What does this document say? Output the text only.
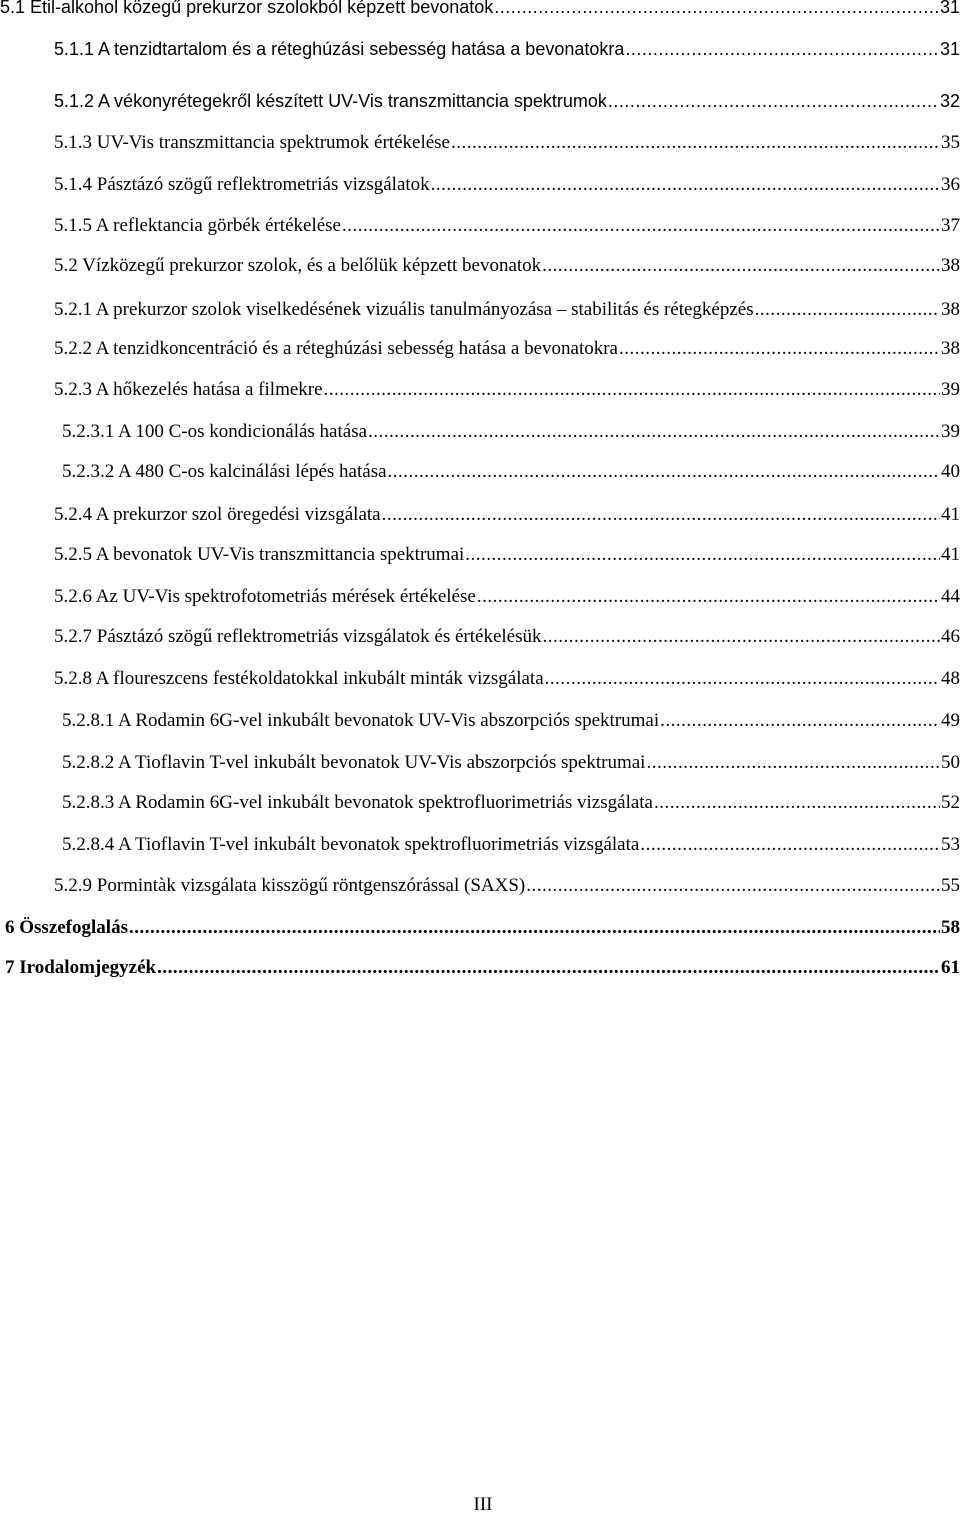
5.1 Etil-alkohol közegű prekurzor szolokból képzett bevonatok .....	31
5.1.1 A tenzidtartalom és a réteghúzási sebesség hatása a bevonatokra .....	31
5.1.2 A vékonyrétegekről készített UV-Vis transzmittancia spektrumok .....	32
5.1.3 UV-Vis transzmittancia spektrumok értékelése .....	35
5.1.4 Pásztázó szögű reflektrometriás vizsgálatok .....	36
5.1.5 A reflektancia görbék értékelése .....	37
5.2 Vízközegű prekurzor szolok, és a belőlük képzett bevonatok .....	38
5.2.1 A prekurzor szolok viselkedésének vizuális tanulmányozása – stabilitás és rétegképzés .....	38
5.2.2 A tenzidkoncentráció és a réteghúzási sebesség hatása a bevonatokra .....	38
5.2.3 A hőkezelés hatása a filmekre .....	39
5.2.3.1 A 100 C-os kondicionálás hatása .....	39
5.2.3.2 A 480 C-os kalcinálási lépés hatása .....	40
5.2.4 A prekurzor szol öregedési vizsgálata .....	41
5.2.5 A bevonatok UV-Vis transzmittancia spektrumai .....	41
5.2.6 Az UV-Vis spektrofotometriás mérések értékelése .....	44
5.2.7 Pásztázó szögű reflektrometriás vizsgálatok és értékelésük .....	46
5.2.8 A floureszcens festékoldatokkal inkubált minták vizsgálata .....	48
5.2.8.1 A Rodamin 6G-vel inkubált bevonatok UV-Vis abszorpciós spektrumai .....	49
5.2.8.2 A Tioflavin T-vel inkubált bevonatok UV-Vis abszorpciós spektrumai .....	50
5.2.8.3 A Rodamin 6G-vel inkubált bevonatok spektrofluorimetriás vizsgálata .....	52
5.2.8.4 A Tioflavin T-vel inkubált bevonatok spektrofluorimetriás vizsgálata .....	53
5.2.9 Pormintàk vizsgálata kisszögű röntgenszórással (SAXS) .....	55
6 Összefoglalás .....	58
7 Irodalomjegyzék .....	61
III
